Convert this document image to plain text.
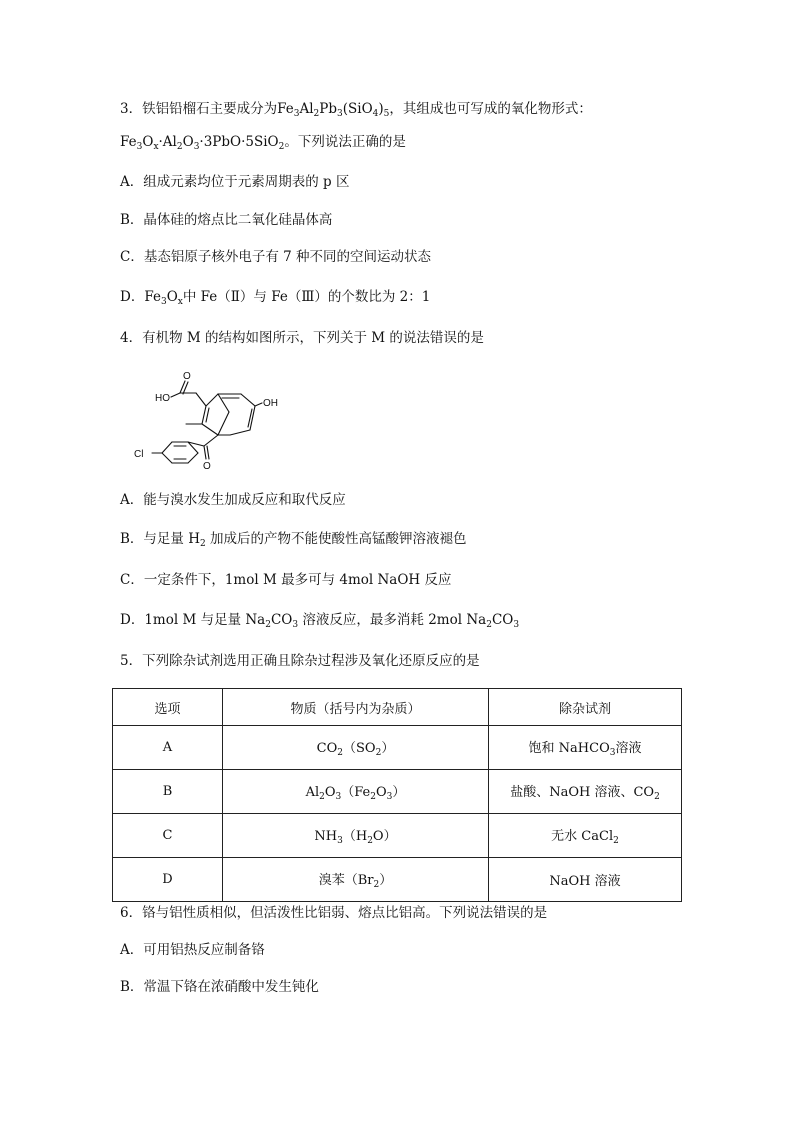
3．铁铝铅榴石主要成分为$Fe_3Al_2Pb_3(SiO_4)_5$，其组成也可写成的氧化物形式：
$Fe_3O_x\cdot Al_2O_3\cdot 3PbO\cdot 5SiO_2$。下列说法正确的是
A．组成元素均位于元素周期表的 p 区
B．晶体硅的熔点比二氧化硅晶体高
C．基态铝原子核外电子有 7 种不同的空间运动状态
D．$Fe_3O_x$中 Fe（Ⅱ）与 Fe（Ⅲ）的个数比为 2：1
4．有机物 M 的结构如图所示，下列关于 M 的说法错误的是
HO
O
OH
Cl
O
A．能与溴水发生加成反应和取代反应
B．与足量 $H_2$ 加成后的产物不能使酸性高锰酸钾溶液褪色
C．一定条件下，1mol M 最多可与 4mol NaOH 反应
D．1mol M 与足量 $Na_2CO_3$ 溶液反应，最多消耗 2mol $Na_2CO_3$
5．下列除杂试剂选用正确且除杂过程涉及氧化还原反应的是
选项	物质（括号内为杂质）	除杂试剂
A	$CO_2(SO_2)$	饱和 NaHCO$_3$溶液
B	$Al_2O_3(Fe_2O_3)$	盐酸、NaOH 溶液、$CO_2$
C	$NH_3(H_2O)$	无水 CaCl$_2$
D	溴苯$(Br_2)$	NaOH 溶液
6．铬与铝性质相似，但活泼性比铝弱、熔点比铝高。下列说法错误的是
A．可用铝热反应制备铬
B．常温下铬在浓硝酸中发生钝化
